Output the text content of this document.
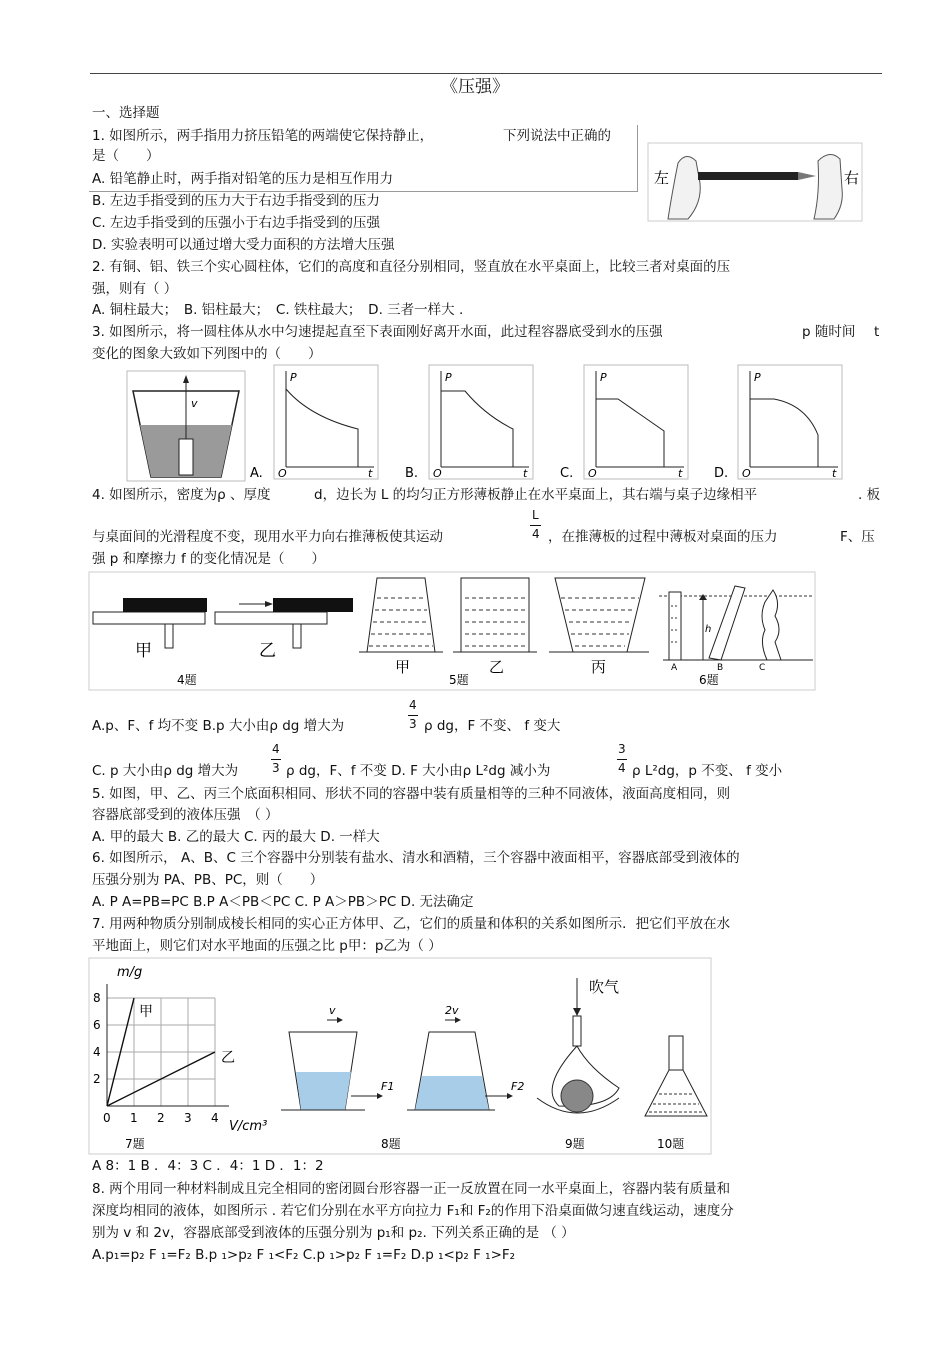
《压强》
一、选择题
1. 如图所示，两手指用力挤压铅笔的两端使它保持静止，	下列说法中正确的
是（　　）
A. 铅笔静止时，两手指对铅笔的压力是相互作用力
B. 左边手指受到的压力大于右边手指受到的压力
C. 左边手指受到的压强小于右边手指受到的压强
D. 实验表明可以通过增大受力面积的方法增大压强
左	右
2. 有铜、铝、铁三个实心圆柱体，它们的高度和直径分别相同，竖直放在水平桌面上，比较三者对桌面的压
强，则有（ ）
A. 铜柱最大；　B. 铝柱最大；　C. 铁柱最大；　D. 三者一样大 .
3. 如图所示，将一圆柱体从水中匀速提起直至下表面刚好离开水面，此过程容器底受到水的压强	p 随时间 t
变化的图象大致如下列图中的（　　）
v
P
O	t
A.
P
O	t
B.
P
O	t
C.
P
O	t
D.
4. 如图所示，密度为ρ 、厚度	d，边长为 L 的均匀正方形薄板静止在水平桌面上，其右端与桌子边缘相平	. 板
与桌面间的光滑程度不变，现用水平力向右推薄板使其运动
L
4 ，在推薄板的过程中薄板对桌面的压力	F、压
强 p 和摩擦力 f 的变化情况是（　　）
甲	乙
4题
甲	乙	丙
5题
h
A	B	C
6题
A.p、F、f 均不变 B.p 大小由ρ dg 增大为
4
3 ρ dg，F 不变、 f 变大
C. p 大小由ρ dg 增大为
4
3 ρ dg，F、f 不变 D. F 大小由ρ L²dg 减小为
3
4 ρ L²dg，p 不变、 f 变小
5. 如图，甲、乙、丙三个底面积相同、形状不同的容器中装有质量相等的三种不同液体，液面高度相同，则
容器底部受到的液体压强　（ ）
A. 甲的最大 B. 乙的最大 C. 丙的最大 D. 一样大
6. 如图所示， A、B、C 三个容器中分别装有盐水、清水和酒精，三个容器中液面相平，容器底部受到液体的
压强分别为 PA、PB、PC，则（　　）
A. P A=PB=PC B.P A＜PB＜PC C. P A＞PB＞PC D. 无法确定
7. 用两种物质分别制成棱长相同的实心正方体甲、乙，它们的质量和体积的关系如图所示．把它们平放在水
平地面上，则它们对水平地面的压强之比 p甲：p乙为（ ）
m/g
V/cm³
8
6
4
2
0 1 2 3 4
甲
乙
7题
v
F1
2v
F2
8题
吹气
9题	10题
A 8：1 B ．4：3 C ．4：1 D ．1：2
8. 两个用同一种材料制成且完全相同的密闭圆台形容器一正一反放置在同一水平桌面上，容器内装有质量和
深度均相同的液体，如图所示 . 若它们分别在水平方向拉力 F₁和 F₂的作用下沿桌面做匀速直线运动，速度分
别为 v 和 2v，容器底部受到液体的压强分别为 p₁和 p₂. 下列关系正确的是 （ ）
A.p₁=p₂ F ₁=F₂ B.p ₁>p₂ F ₁<F₂ C.p ₁>p₂ F ₁=F₂ D.p ₁<p₂ F ₁>F₂
